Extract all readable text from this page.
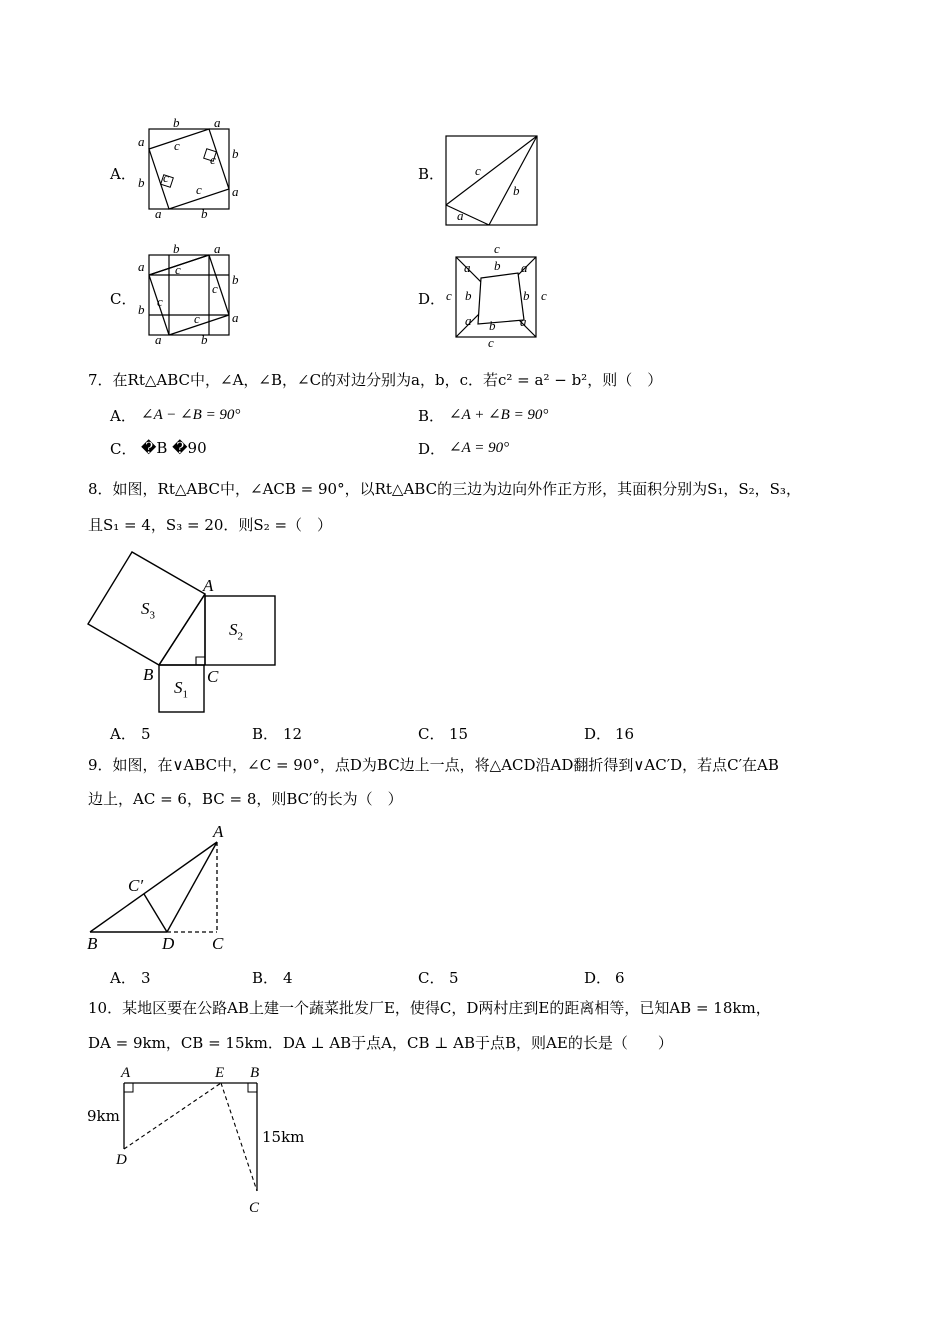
A．
b	a
a
b
c
c
c
c
b
a
a	b
B． c
b
a
C．
b	a
a
b
c
c
c
c
b
a
a	b
D．
c
a b a
c b	b c
a b a
c
7．在Rt△ABC中，∠A，∠B，∠C的对边分别为a，b，c．若c² = a² − b²，则（　）
A． ∠A − ∠B = 90°	B． ∠A + ∠B = 90°
C． �B �90	D． ∠A = 90°
8．如图，Rt△ABC中，∠ACB = 90°，以Rt△ABC的三边为边向外作正方形，其面积分别为S₁，S₂，S₃，
且S₁ = 4，S₃ = 20．则S₂ =（　）
A
B	C
$S_3$
$S_2$
$S_1$
A． 5	B． 12	C． 15	D． 16
9．如图，在∨ABC中，∠C = 90°，点D为BC边上一点，将△ACD沿AD翻折得到∨AC′D，若点C′在AB
边上，AC = 6，BC = 8，则BC′的长为（　）
A
C′
B	D C
A． 3	B． 4	C． 5	D． 6
10．某地区要在公路AB上建一个蔬菜批发厂E，使得C，D两村庄到E的距离相等，已知AB = 18km，
DA = 9km，CB = 15km．DA ⊥ AB于点A，CB ⊥ AB于点B，则AE的长是（　　）
A	E B
D
C
9km
15km
